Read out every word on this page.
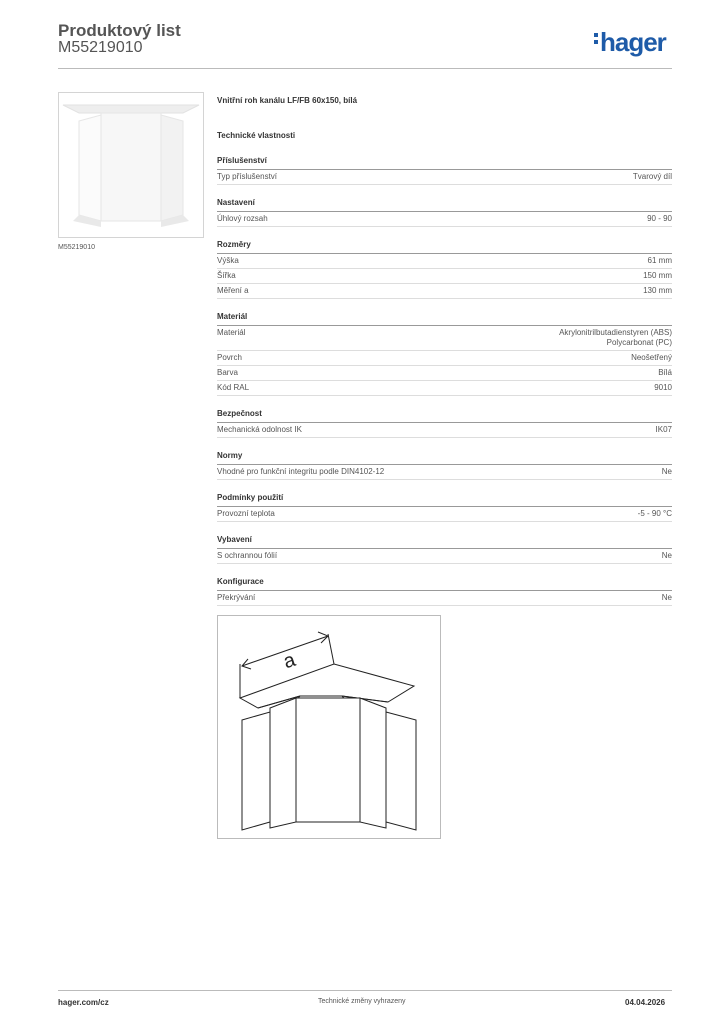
Produktový list
M55219010	hager
M55219010
Vnitřní roh kanálu LF/FB 60x150, bílá
Technické vlastnosti
Příslušenství
Typ příslušenství	Tvarový díl
Nastavení
Úhlový rozsah	90 - 90
Rozměry
Výška	61 mm
Šířka	150 mm
Měření a	130 mm
Materiál
Materiál	Akrylonitrilbutadienstyren (ABS)
Polycarbonat (PC)
Povrch	Neošetřený
Barva	Bílá
Kód RAL	9010
Bezpečnost
Mechanická odolnost IK	IK07
Normy
Vhodné pro funkční integritu podle DIN4102-12	Ne
Podmínky použití
Provozní teplota	-5 - 90 °C
Vybavení
S ochrannou fólií	Ne
Konfigurace
Překrývání	Ne
a
hager.com/cz	Technické změny vyhrazeny	04.04.2026
